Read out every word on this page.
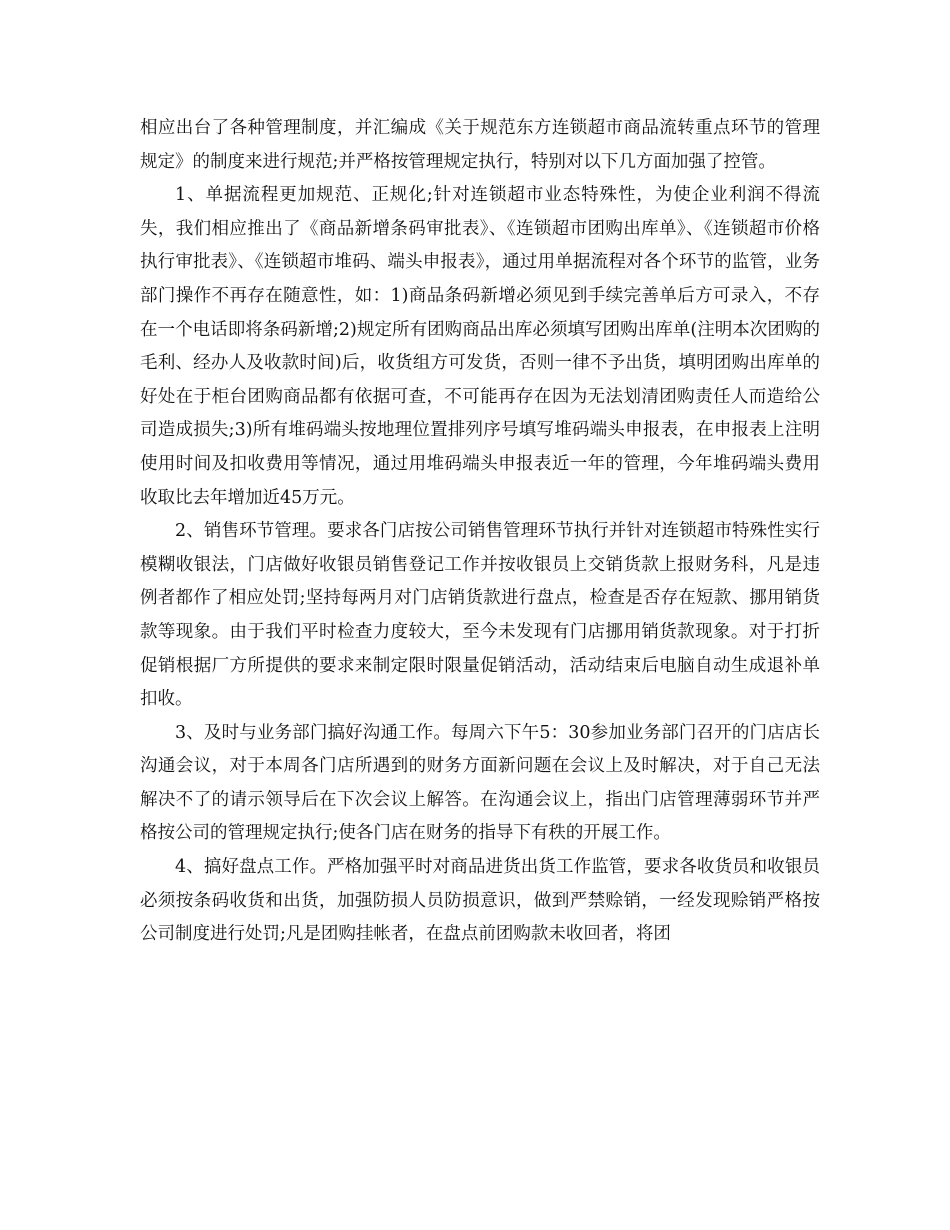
相应出台了各种管理制度，并汇编成《关于规范东方连锁超市商品流转重点环节的管理规定》的制度来进行规范;并严格按管理规定执行，特别对以下几方面加强了控管。

1、单据流程更加规范、正规化;针对连锁超市业态特殊性，为使企业利润不得流失，我们相应推出了《商品新增条码审批表》、《连锁超市团购出库单》、《连锁超市价格执行审批表》、《连锁超市堆码、端头申报表》，通过用单据流程对各个环节的监管，业务部门操作不再存在随意性，如：1)商品条码新增必须见到手续完善单后方可录入，不存在一个电话即将条码新增;2)规定所有团购商品出库必须填写团购出库单(注明本次团购的毛利、经办人及收款时间)后，收货组方可发货，否则一律不予出货，填明团购出库单的好处在于柜台团购商品都有依据可查，不可能再存在因为无法划清团购责任人而造给公司造成损失;3)所有堆码端头按地理位置排列序号填写堆码端头申报表，在申报表上注明使用时间及扣收费用等情况，通过用堆码端头申报表近一年的管理，今年堆码端头费用收取比去年增加近45万元。

2、销售环节管理。要求各门店按公司销售管理环节执行并针对连锁超市特殊性实行模糊收银法，门店做好收银员销售登记工作并按收银员上交销货款上报财务科，凡是违例者都作了相应处罚;坚持每两月对门店销货款进行盘点，检查是否存在短款、挪用销货款等现象。由于我们平时检查力度较大，至今未发现有门店挪用销货款现象。对于打折促销根据厂方所提供的要求来制定限时限量促销活动，活动结束后电脑自动生成退补单扣收。

3、及时与业务部门搞好沟通工作。每周六下午5：30参加业务部门召开的门店店长沟通会议，对于本周各门店所遇到的财务方面新问题在会议上及时解决，对于自己无法解决不了的请示领导后在下次会议上解答。在沟通会议上，指出门店管理薄弱环节并严格按公司的管理规定执行;使各门店在财务的指导下有秩的开展工作。

4、搞好盘点工作。严格加强平时对商品进货出货工作监管，要求各收货员和收银员必须按条码收货和出货，加强防损人员防损意识，做到严禁赊销，一经发现赊销严格按公司制度进行处罚;凡是团购挂帐者，在盘点前团购款未收回者，将团
